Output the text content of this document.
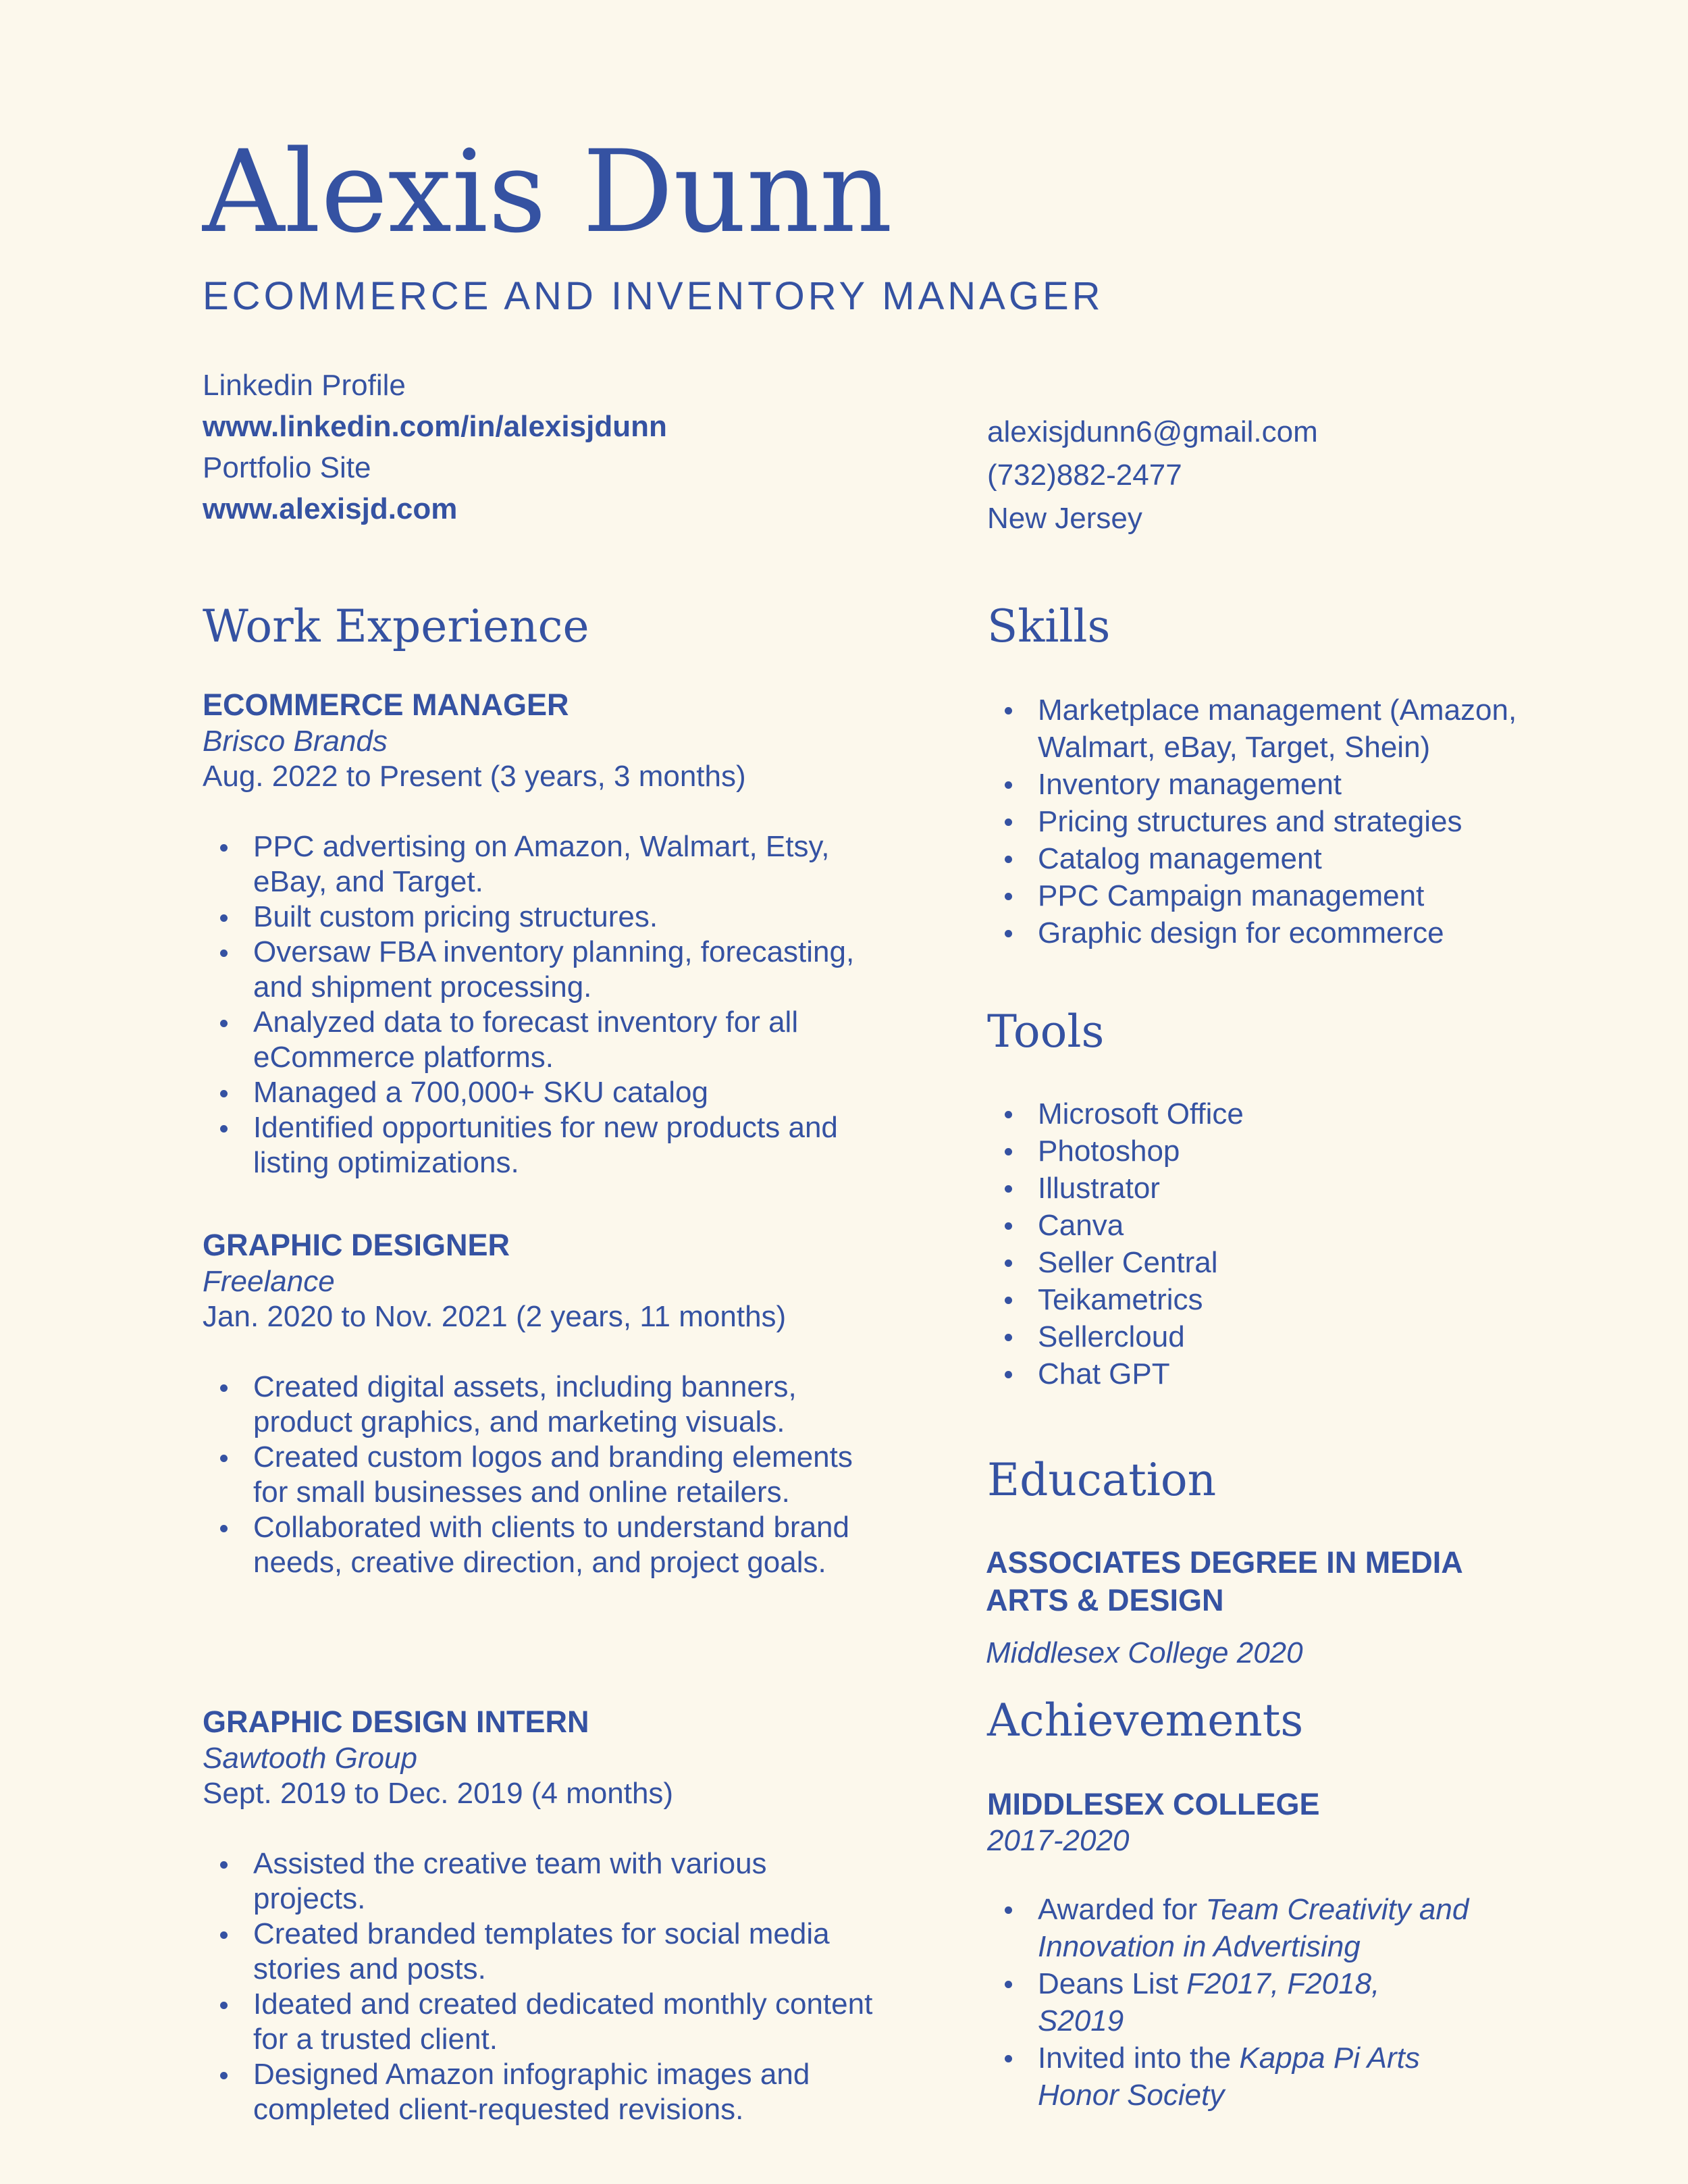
Alexis Dunn
ECOMMERCE AND INVENTORY MANAGER
Linkedin Profile
www.linkedin.com/in/alexisjdunn
Portfolio Site
www.alexisjd.com
alexisjdunn6@gmail.com
(732)882-2477
New Jersey
Work Experience
ECOMMERCE MANAGER
Brisco Brands
Aug. 2022 to Present (3 years, 3 months)
PPC advertising on Amazon, Walmart, Etsy, eBay, and Target.
Built custom pricing structures.
Oversaw FBA inventory planning, forecasting, and shipment processing.
Analyzed data to forecast inventory for all eCommerce platforms.
Managed a 700,000+ SKU catalog
Identified opportunities for new products and listing optimizations.
GRAPHIC DESIGNER
Freelance
Jan. 2020 to Nov. 2021 (2 years, 11 months)
Created digital assets, including banners, product graphics, and marketing visuals.
Created custom logos and branding elements for small businesses and online retailers.
Collaborated with clients to understand brand needs, creative direction, and project goals.
GRAPHIC DESIGN INTERN
Sawtooth Group
Sept. 2019 to Dec. 2019 (4 months)
Assisted the creative team with various projects.
Created branded templates for social media stories and posts.
Ideated and created dedicated monthly content for a trusted client.
Designed Amazon infographic images and completed client-requested revisions.
Skills
Marketplace management (Amazon, Walmart, eBay, Target, Shein)
Inventory management
Pricing structures and strategies
Catalog management
PPC Campaign management
Graphic design for ecommerce
Tools
Microsoft Office
Photoshop
Illustrator
Canva
Seller Central
Teikametrics
Sellercloud
Chat GPT
Education
ASSOCIATES DEGREE IN MEDIA ARTS & DESIGN
Middlesex College 2020
Achievements
MIDDLESEX COLLEGE
2017-2020
Awarded for Team Creativity and Innovation in Advertising
Deans List F2017, F2018, S2019
Invited into the Kappa Pi Arts Honor Society
